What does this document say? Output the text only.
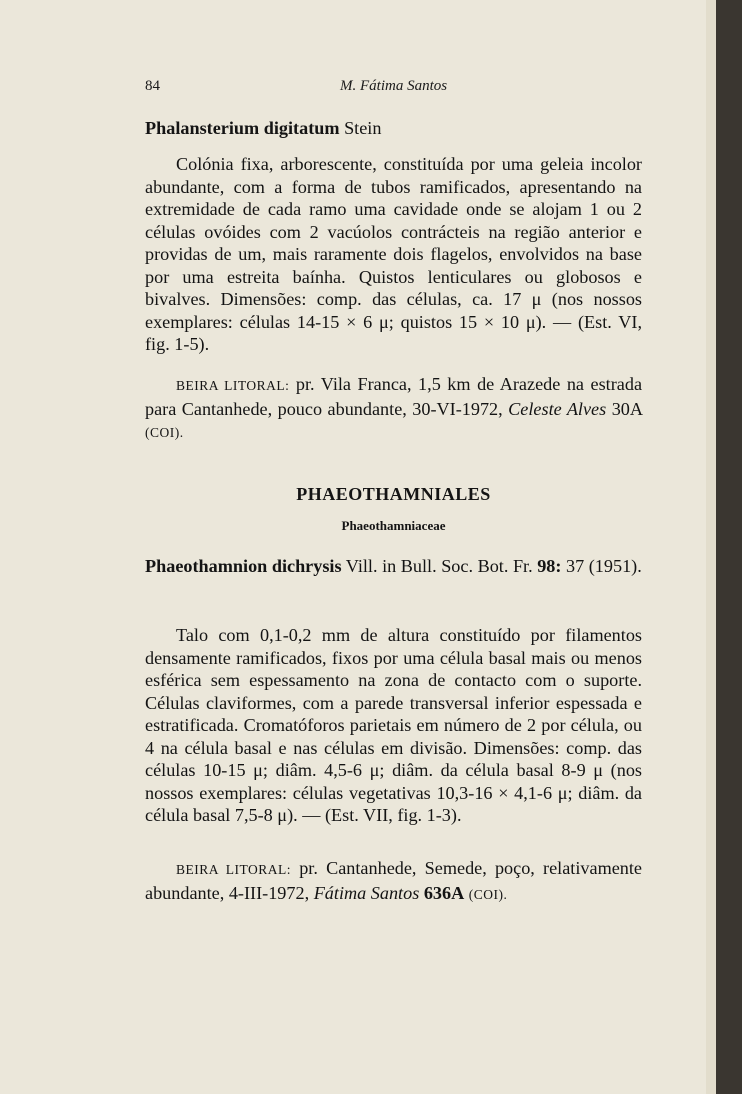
84	M. Fátima Santos

Phalansterium digitatum Stein

Colónia fixa, arborescente, constituída por uma geleia incolor abundante, com a forma de tubos ramificados, apresentando na extremidade de cada ramo uma cavidade onde se alojam 1 ou 2 células ovóides com 2 vacúolos contrácteis na região anterior e providas de um, mais raramente dois flagelos, envolvidos na base por uma estreita baínha. Quistos lenticulares ou globosos e bivalves. Dimensões: comp. das células, ca. 17 μ (nos nossos exemplares: células 14-15 × 6 μ; quistos 15 × 10 μ). — (Est. VI, fig. 1-5).

BEIRA LITORAL: pr. Vila Franca, 1,5 km de Arazede na estrada para Cantanhede, pouco abundante, 30-VI-1972, Celeste Alves 30A (COI).

PHAEOTHAMNIALES
Phaeothamniaceae

Phaeothamnion dichrysis Vill. in Bull. Soc. Bot. Fr. 98: 37 (1951).

Talo com 0,1-0,2 mm de altura constituído por filamentos densamente ramificados, fixos por uma célula basal mais ou menos esférica sem espessamento na zona de contacto com o suporte. Células claviformes, com a parede transversal inferior espessada e estratificada. Cromatóforos parietais em número de 2 por célula, ou 4 na célula basal e nas células em divisão. Dimensões: comp. das células 10-15 μ; diâm. 4,5-6 μ; diâm. da célula basal 8-9 μ (nos nossos exemplares: células vegetativas 10,3-16 × 4,1-6 μ; diâm. da célula basal 7,5-8 μ). — (Est. VII, fig. 1-3).

BEIRA LITORAL: pr. Cantanhede, Semede, poço, relativamente abundante, 4-III-1972, Fátima Santos 636A (COI).
